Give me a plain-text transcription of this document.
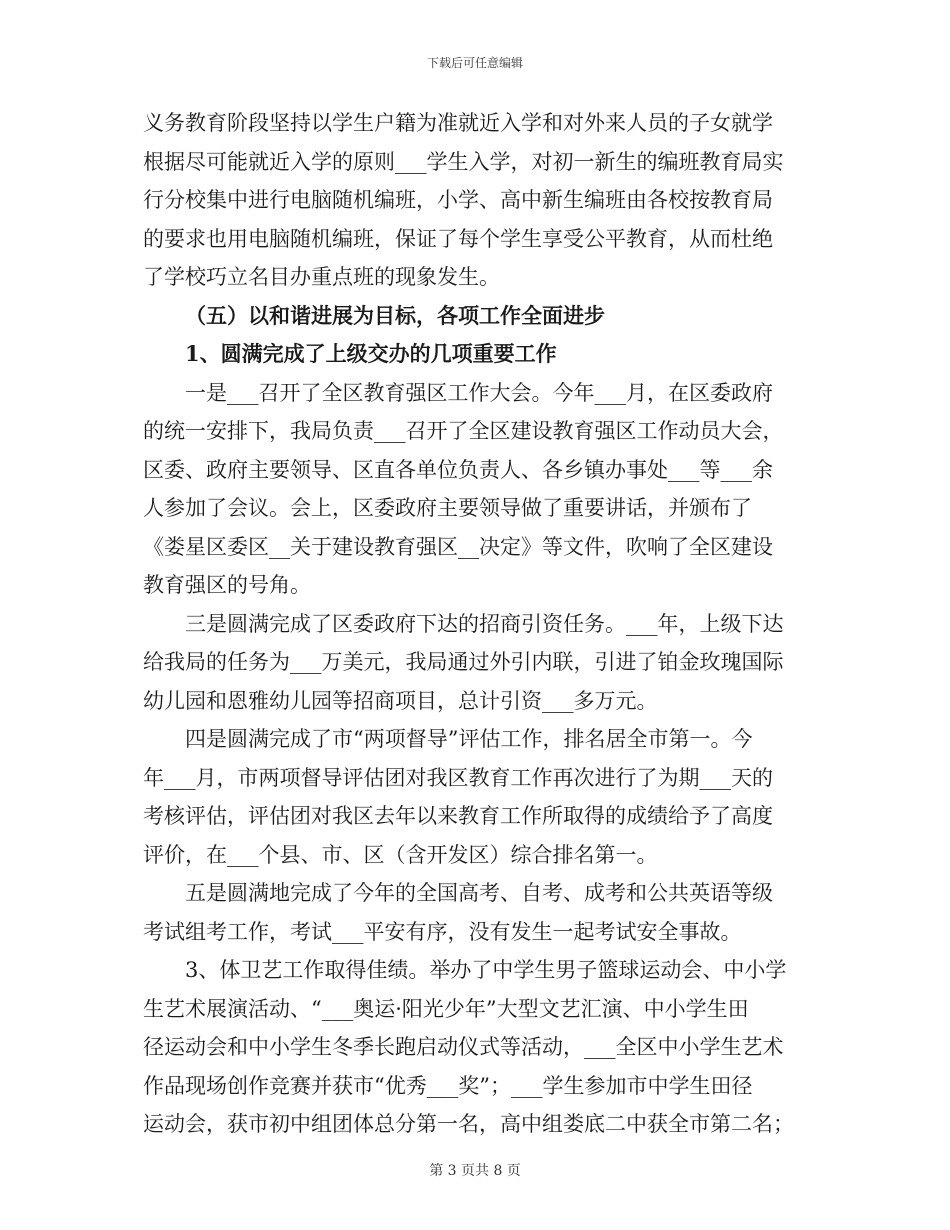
下载后可任意编辑
义务教育阶段坚持以学生户籍为准就近入学和对外来人员的子女就学
根据尽可能就近入学的原则___学生入学，对初一新生的编班教育局实
行分校集中进行电脑随机编班，小学、高中新生编班由各校按教育局
的要求也用电脑随机编班，保证了每个学生享受公平教育，从而杜绝
了学校巧立名目办重点班的现象发生。
（五）以和谐进展为目标，各项工作全面进步
1、圆满完成了上级交办的几项重要工作
一是___召开了全区教育强区工作大会。今年___月，在区委政府
的统一安排下，我局负责___召开了全区建设教育强区工作动员大会，
区委、政府主要领导、区直各单位负责人、各乡镇办事处___等___余
人参加了会议。会上，区委政府主要领导做了重要讲话，并颁布了
《娄星区委区__关于建设教育强区__决定》等文件，吹响了全区建设
教育强区的号角。
三是圆满完成了区委政府下达的招商引资任务。___年，上级下达
给我局的任务为___万美元，我局通过外引内联，引进了铂金玫瑰国际
幼儿园和恩雅幼儿园等招商项目，总计引资___多万元。
四是圆满完成了市“两项督导”评估工作，排名居全市第一。今
年___月，市两项督导评估团对我区教育工作再次进行了为期___天的
考核评估，评估团对我区去年以来教育工作所取得的成绩给予了高度
评价，在___个县、市、区（含开发区）综合排名第一。
五是圆满地完成了今年的全国高考、自考、成考和公共英语等级
考试组考工作，考试___平安有序，没有发生一起考试安全事故。
3、体卫艺工作取得佳绩。举办了中学生男子篮球运动会、中小学
生艺术展演活动、“___奥运·阳光少年”大型文艺汇演、中小学生田
径运动会和中小学生冬季长跑启动仪式等活动，___全区中小学生艺术
作品现场创作竞赛并获市“优秀___奖”；___学生参加市中学生田径
运动会，获市初中组团体总分第一名，高中组娄底二中获全市第二名；
第 3 页共 8 页
